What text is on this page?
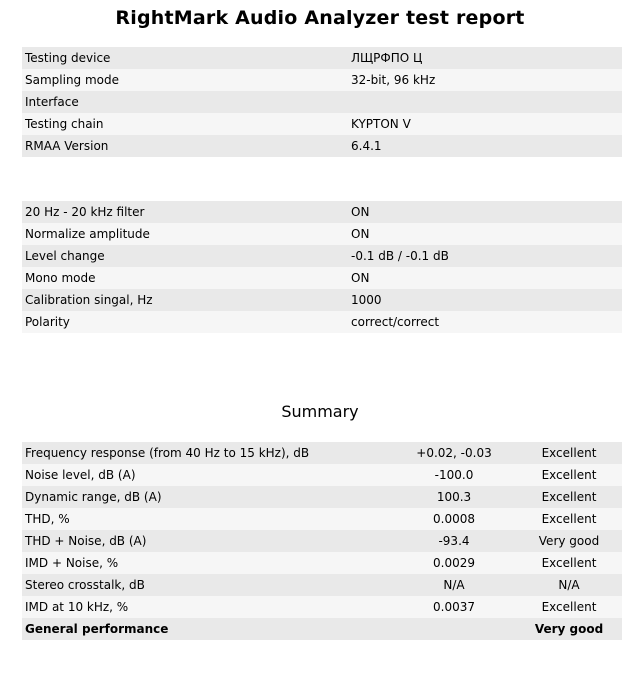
RightMark Audio Analyzer test report
Testing device	ЛЩРФПО Ц
Sampling mode	32-bit, 96 kHz
Interface	
Testing chain	KYPTON V
RMAA Version	6.4.1
20 Hz - 20 kHz filter	ON
Normalize amplitude	ON
Level change	-0.1 dB / -0.1 dB
Mono mode	ON
Calibration singal, Hz	1000
Polarity	correct/correct
Summary
Frequency response (from 40 Hz to 15 kHz), dB	+0.02, -0.03	Excellent
Noise level, dB (A)	-100.0	Excellent
Dynamic range, dB (A)	100.3	Excellent
THD, %	0.0008	Excellent
THD + Noise, dB (A)	-93.4	Very good
IMD + Noise, %	0.0029	Excellent
Stereo crosstalk, dB	N/A	N/A
IMD at 10 kHz, %	0.0037	Excellent
General performance		Very good
